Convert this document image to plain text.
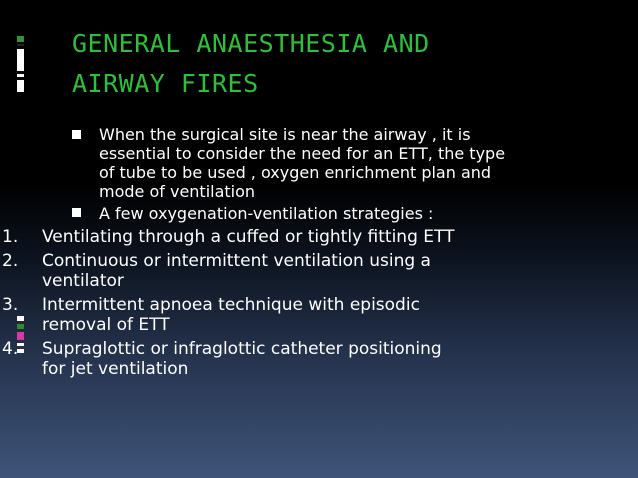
GENERAL ANAESTHESIA AND
AIRWAY FIRES
When the surgical site is near the airway , it is
essential to consider the need for an ETT, the type
of tube to be used , oxygen enrichment plan and
mode of ventilation
A few oxygenation-ventilation strategies :
1. Ventilating through a cuffed or tightly fitting ETT
2. Continuous or intermittent ventilation using a
ventilator
3. Intermittent apnoea technique with episodic
removal of ETT
4. Supraglottic or infraglottic catheter positioning
for jet ventilation
